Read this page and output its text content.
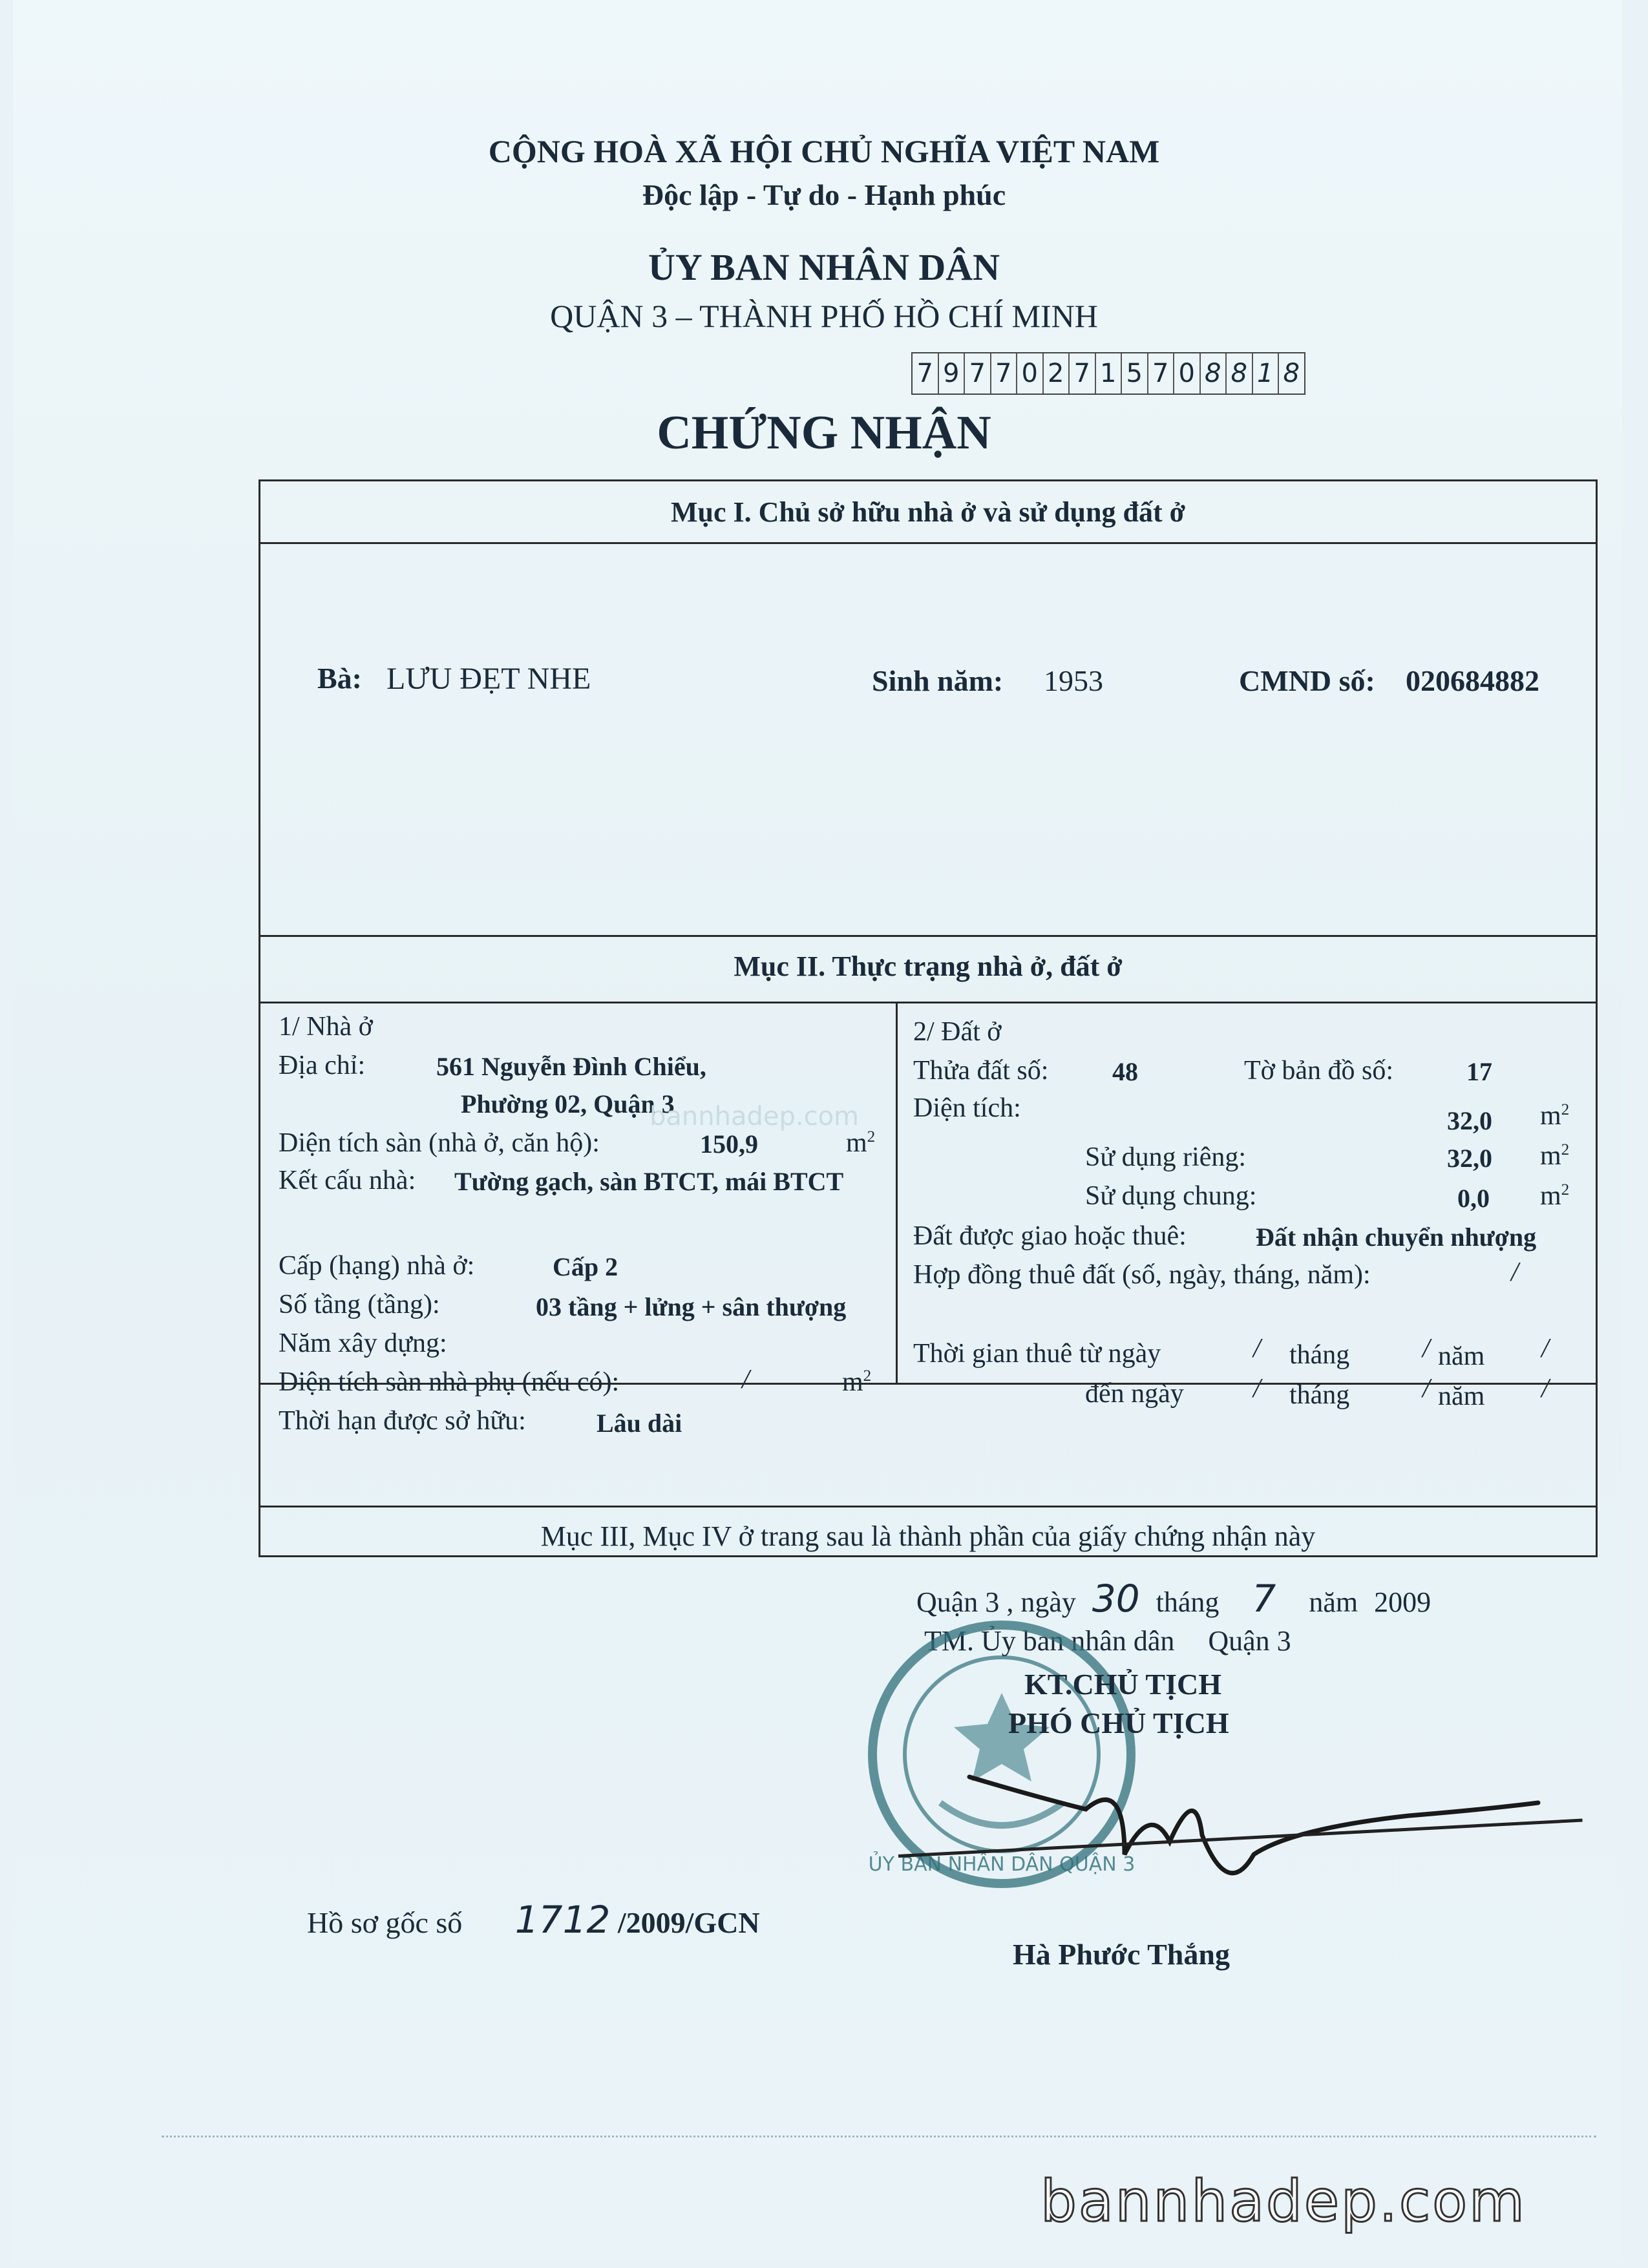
CỘNG HOÀ XÃ HỘI CHỦ NGHĨA VIỆT NAM
Độc lập - Tự do - Hạnh phúc
ỦY BAN NHÂN DÂN
QUẬN 3 – THÀNH PHỐ HỒ CHÍ MINH
7 9 7 7 0 2 7 1 5 7 0 8 8 1 8
CHỨNG NHẬN
Mục I. Chủ sở hữu nhà ở và sử dụng đất ở
Bà: LƯU ĐẸT NHE	Sinh năm: 1953	CMND số: 020684882
Mục II. Thực trạng nhà ở, đất ở
1/ Nhà ở
Địa chỉ:	561 Nguyễn Đình Chiểu,
Phường 02, Quận 3
Diện tích sàn (nhà ở, căn hộ):	150,9	$m^2$
Kết cấu nhà: Tường gạch, sàn BTCT, mái BTCT
Cấp (hạng) nhà ở:	Cấp 2
Số tầng (tầng):	03 tầng + lửng + sân thượng
Năm xây dựng:
Diện tích sàn nhà phụ (nếu có):	/	$m^2$
Thời hạn được sở hữu:	Lâu dài
2/ Đất ở
Thửa đất số: 48	Tờ bản đồ số:	17
Diện tích:	32,0 $m^2$
Sử dụng riêng:	32,0 $m^2$
Sử dụng chung:	0,0 $m^2$
Đất được giao hoặc thuê:	Đất nhận chuyển nhượng
Hợp đồng thuê đất (số, ngày, tháng, năm):	/
Thời gian thuê từ ngày	/ tháng	/ năm /
đến ngày	/ tháng	/ năm /
Mục III, Mục IV ở trang sau là thành phần của giấy chứng nhận này
bannhadep.com
Quận 3 , ngày 30 tháng 7 năm 2009
TM. Ủy ban nhân dân Quận 3
ỦY BAN NHÂN DÂN QUẬN 3
KT.CHỦ TỊCH
PHÓ CHỦ TỊCH
Hà Phước Thắng
Hồ sơ gốc số 1712 /2009/GCN
bannhadep.com
